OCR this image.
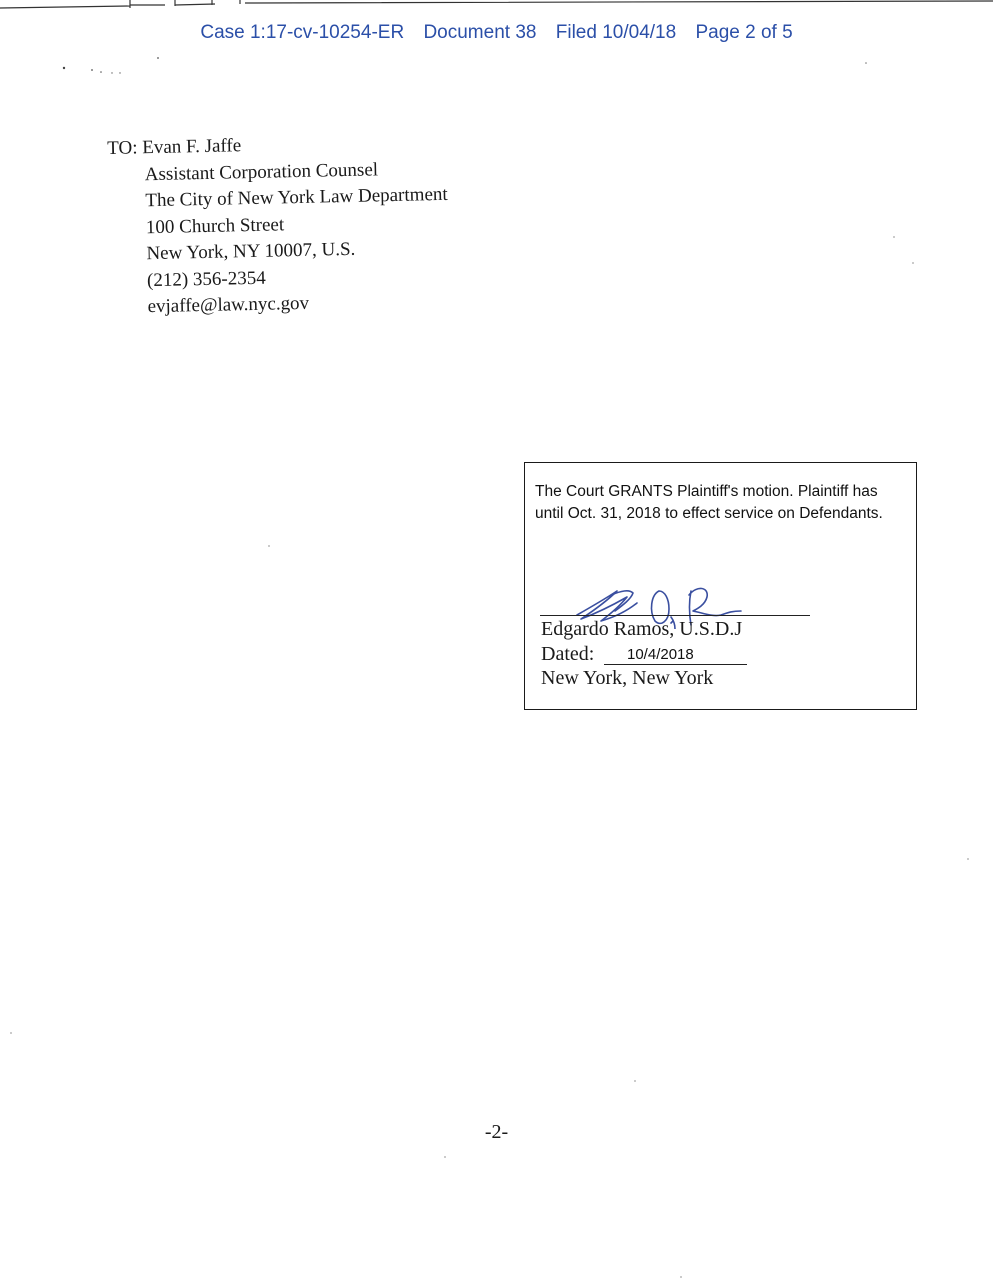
Case 1:17-cv-10254-ER Document 38 Filed 10/04/18 Page 2 of 5
TO: Evan F. Jaffe
Assistant Corporation Counsel
The City of New York Law Department
100 Church Street
New York, NY 10007, U.S.
(212) 356-2354
evjaffe@law.nyc.gov
The Court GRANTS Plaintiff's motion. Plaintiff has until Oct. 31, 2018 to effect service on Defendants.
Edgardo Ramos, U.S.D.J
Dated: 10/4/2018
New York, New York
-2-
